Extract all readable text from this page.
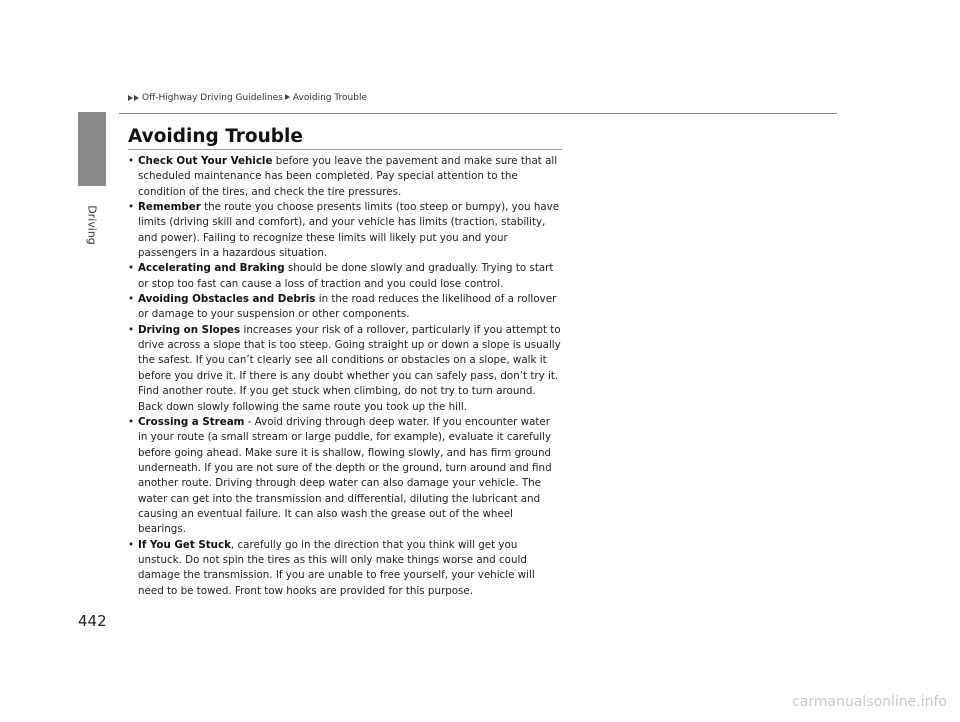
Driving
Off-Highway Driving Guidelines Avoiding Trouble
Avoiding Trouble
• Check Out Your Vehicle before you leave the pavement and make sure that all scheduled maintenance has been completed. Pay special attention to the condition of the tires, and check the tire pressures.
• Remember the route you choose presents limits (too steep or bumpy), you have limits (driving skill and comfort), and your vehicle has limits (traction, stability, and power). Failing to recognize these limits will likely put you and your passengers in a hazardous situation.
• Accelerating and Braking should be done slowly and gradually. Trying to start or stop too fast can cause a loss of traction and you could lose control.
• Avoiding Obstacles and Debris in the road reduces the likelihood of a rollover or damage to your suspension or other components.
• Driving on Slopes increases your risk of a rollover, particularly if you attempt to drive across a slope that is too steep. Going straight up or down a slope is usually the safest. If you can’t clearly see all conditions or obstacles on a slope, walk it before you drive it. If there is any doubt whether you can safely pass, don’t try it. Find another route. If you get stuck when climbing, do not try to turn around. Back down slowly following the same route you took up the hill.
• Crossing a Stream - Avoid driving through deep water. If you encounter water in your route (a small stream or large puddle, for example), evaluate it carefully before going ahead. Make sure it is shallow, flowing slowly, and has firm ground underneath. If you are not sure of the depth or the ground, turn around and find another route. Driving through deep water can also damage your vehicle. The water can get into the transmission and differential, diluting the lubricant and causing an eventual failure. It can also wash the grease out of the wheel bearings.
• If You Get Stuck, carefully go in the direction that you think will get you unstuck. Do not spin the tires as this will only make things worse and could damage the transmission. If you are unable to free yourself, your vehicle will need to be towed. Front tow hooks are provided for this purpose.
442
carmanualsonline.info
